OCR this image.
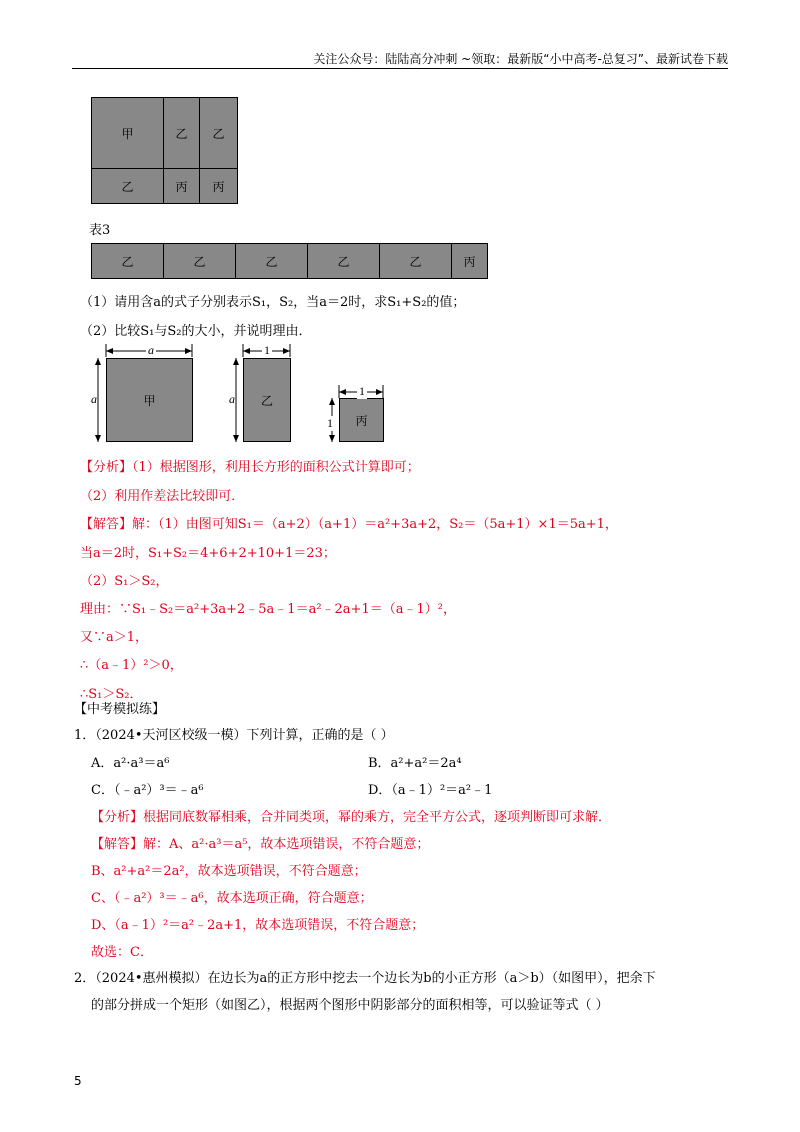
关注公众号：陆陆高分冲刺 ~领取：最新版“小中高考-总复习”、最新试卷下载
甲	乙	乙
乙	丙	丙
表3
乙	乙	乙	乙	乙	丙
（1）请用含a的式子分别表示S₁，S₂，当a＝2时，求S₁+S₂的值；
（2）比较S₁与S₂的大小，并说明理由．
甲
a
a	乙
1
a
丙
1
1
【分析】（1）根据图形，利用长方形的面积公式计算即可；
（2）利用作差法比较即可．
【解答】解：（1）由图可知S₁＝（a+2）（a+1）＝a²+3a+2，S₂＝（5a+1）×1＝5a+1，
当a＝2时，S₁+S₂＝4+6+2+10+1＝23；
（2）S₁＞S₂，
理由：∵S₁﹣S₂＝a²+3a+2﹣5a﹣1＝a²﹣2a+1＝（a﹣1）²，
又∵a＞1，
∴（a﹣1）²＞0，
∴S₁＞S₂．
【中考模拟练】
1．（2024•天河区校级一模）下列计算，正确的是（ ）
A．a²·a³＝a⁶	B．a²+a²＝2a⁴
C．（﹣a²）³＝﹣a⁶	D．（a﹣1）²＝a²﹣1
【分析】根据同底数幂相乘，合并同类项，幂的乘方，完全平方公式，逐项判断即可求解．
【解答】解：A、a²·a³＝a⁵，故本选项错误，不符合题意；
B、a²+a²＝2a²，故本选项错误，不符合题意；
C、（﹣a²）³＝﹣a⁶，故本选项正确，符合题意；
D、（a﹣1）²＝a²﹣2a+1，故本选项错误，不符合题意；
故选：C．
2．（2024•惠州模拟）在边长为a的正方形中挖去一个边长为b的小正方形（a＞b）（如图甲），把余下
的部分拼成一个矩形（如图乙），根据两个图形中阴影部分的面积相等，可以验证等式（ ）
5
